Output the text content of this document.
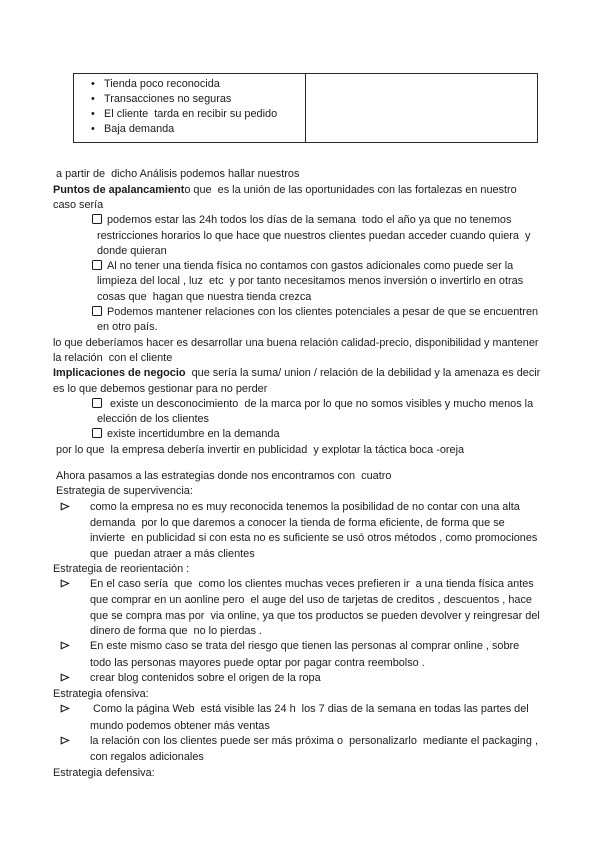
• Tienda poco reconocida
• Transacciones no seguras
• El cliente  tarda en recibir su pedido
• Baja demanda

a partir de  dicho Análisis podemos hallar nuestros
Puntos de apalancamiento que  es la unión de las oportunidades con las fortalezas en nuestro caso sería
podemos estar las 24h todos los días de la semana  todo el año ya que no tenemos restricciones horarios lo que hace que nuestros clientes puedan acceder cuando quiera  y donde quieran
Al no tener una tienda física no contamos con gastos adicionales como puede ser la limpieza del local , luz  etc  y por tanto necesitamos menos inversión o invertirlo en otras cosas que  hagan que nuestra tienda crezca
Podemos mantener relaciones con los clientes potenciales a pesar de que se encuentren en otro país.
lo que deberíamos hacer es desarrollar una buena relación calidad-precio, disponibilidad y mantener la relación  con el cliente
Implicaciones de negocio  que sería la suma/ union / relación de la debilidad y la amenaza es decir  es lo que debemos gestionar para no perder
existe un desconocimiento  de la marca por lo que no somos visibles y mucho menos la elección de los clientes
existe incertidumbre en la demanda
por lo que  la empresa debería invertir en publicidad  y explotar la táctica boca -oreja
Ahora pasamos a las estrategias donde nos encontramos con  cuatro
Estrategia de supervivencia:
como la empresa no es muy reconocida tenemos la posibilidad de no contar con una alta demanda  por lo que daremos a conocer la tienda de forma eficiente, de forma que se invierte  en publicidad si con esta no es suficiente se usó otros métodos , como promociones que  puedan atraer a más clientes
Estrategia de reorientación :
En el caso sería  que  como los clientes muchas veces prefieren ir  a una tienda física antes que comprar en un aonline pero  el auge del uso de tarjetas de creditos , descuentos , hace que se compra mas por  via online, ya que tos productos se pueden devolver y reingresar del dinero de forma que  no lo pierdas .
En este mismo caso se trata del riesgo que tienen las personas al comprar online , sobre todo las personas mayores puede optar por pagar contra reembolso .
crear blog contenidos sobre el origen de la ropa
Estrategia ofensiva:
Como la página Web  está visible las 24 h  los 7 dias de la semana en todas las partes del mundo podemos obtener más ventas
la relación con los clientes puede ser más próxima o  personalizarlo  mediante el packaging , con regalos adicionales
Estrategia defensiva:
